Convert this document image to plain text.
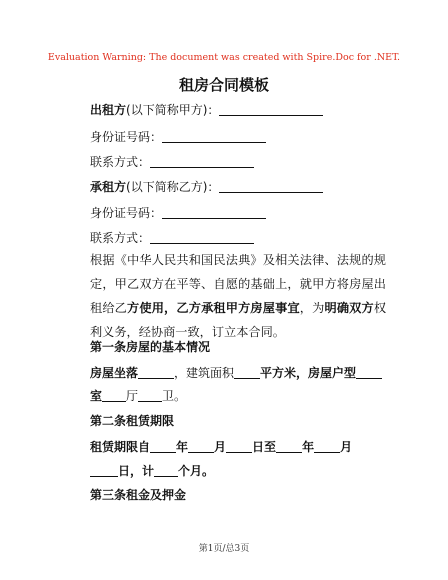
Evaluation Warning: The document was created with Spire.Doc for .NET.
租房合同模板
出租方(以下简称甲方)：
身份证号码：
联系方式：
承租方(以下简称乙方)：
身份证号码：
联系方式：
根据《中华人民共和国民法典》及相关法律、法规的规定，甲乙双方在平等、自愿的基础上，就甲方将房屋出租给乙方使用，乙方承租甲方房屋事宜，为明确双方权利义务，经协商一致，订立本合同。
第一条房屋的基本情况
房屋坐落	，建筑面积 平方米，房屋户型
室 厅 卫。
第二条租赁期限
租赁期限自 年 月 日至 年 月
日，计 个月。
第三条租金及押金
第1页/总3页
